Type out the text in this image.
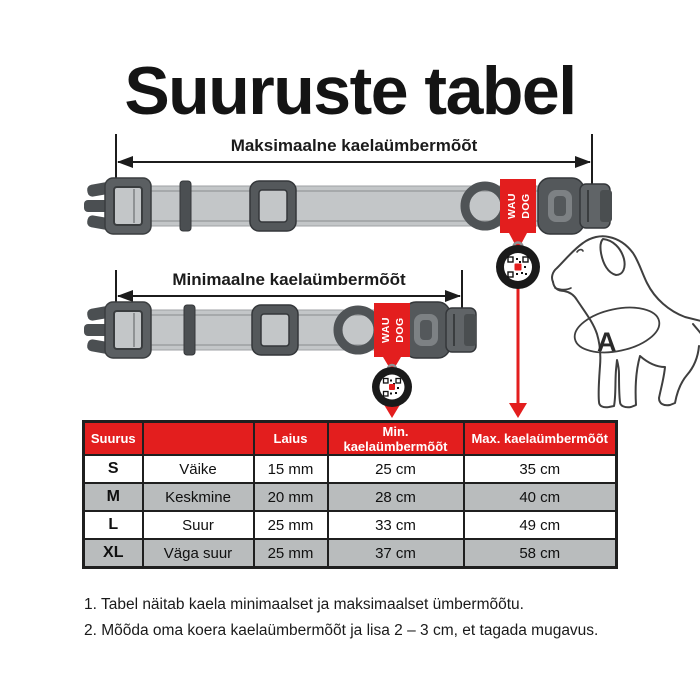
Suuruste tabel
WAU DOG
WAU DOG
Maksimaalne kaelaümbermõõt
Minimaalne kaelaümbermõõt
A
Suurus		Laius	Min. kaelaümbermõõt	Max. kaelaümbermõõt
S	Väike	15 mm	25 cm	35 cm
M	Keskmine	20 mm	28 cm	40 cm
L	Suur	25 mm	33 cm	49 cm
XL	Väga suur	25 mm	37 cm	58 cm
1. Tabel näitab kaela minimaalset ja maksimaalset ümbermõõtu.
2. Mõõda oma koera kaelaümbermõõt ja lisa 2 – 3 cm, et tagada mugavus.
